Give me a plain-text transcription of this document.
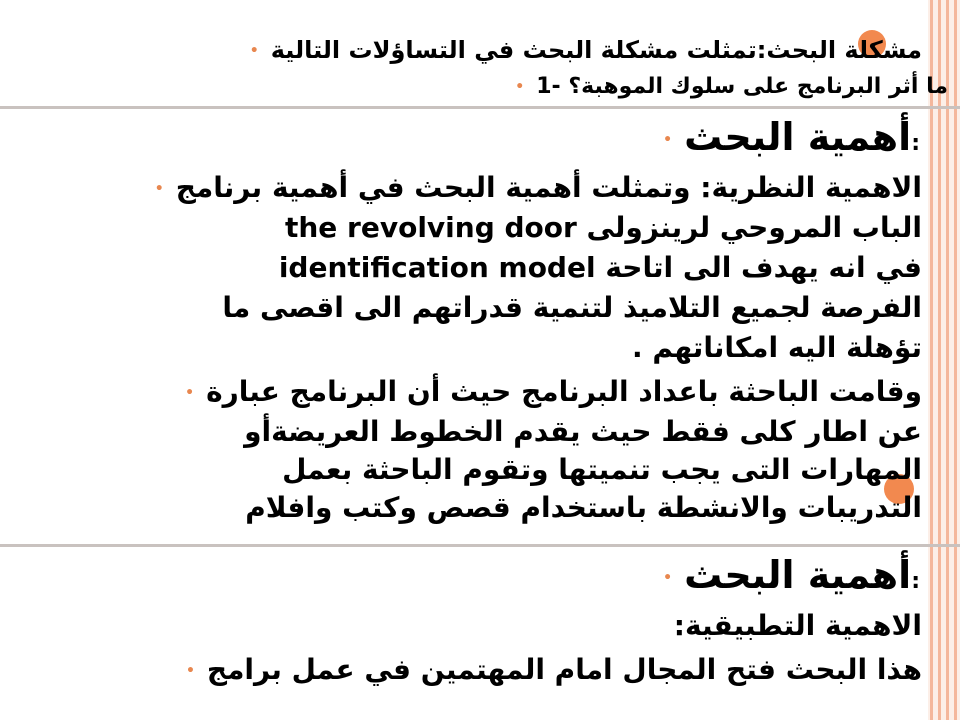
مشكلة البحث:تمثلت مشكلة البحث في التساؤلات التالية•
ما أثر البرنامج على سلوك الموهبة؟ -1•
:أهمية البحث•
الاهمية النظرية: وتمثلت أهمية البحث في أهمية برنامج•
الباب المروحي لرينزولى the revolving door
في انه يهدف الى اتاحة identification model
الفرصة لجميع التلاميذ لتنمية قدراتهم الى اقصى ما
تؤهلة اليه امكاناتهم .
وقامت الباحثة باعداد البرنامج حيث أن البرنامج عبارة•
عن اطار كلى فقط حيث يقدم الخطوط العريضةأو
المهارات التى يجب تنميتها وتقوم الباحثة بعمل
التدريبات والانشطة باستخدام قصص وكتب وافلام
:أهمية البحث•
الاهمية التطبيقية:
هذا البحث فتح المجال امام المهتمين في عمل برامج•
